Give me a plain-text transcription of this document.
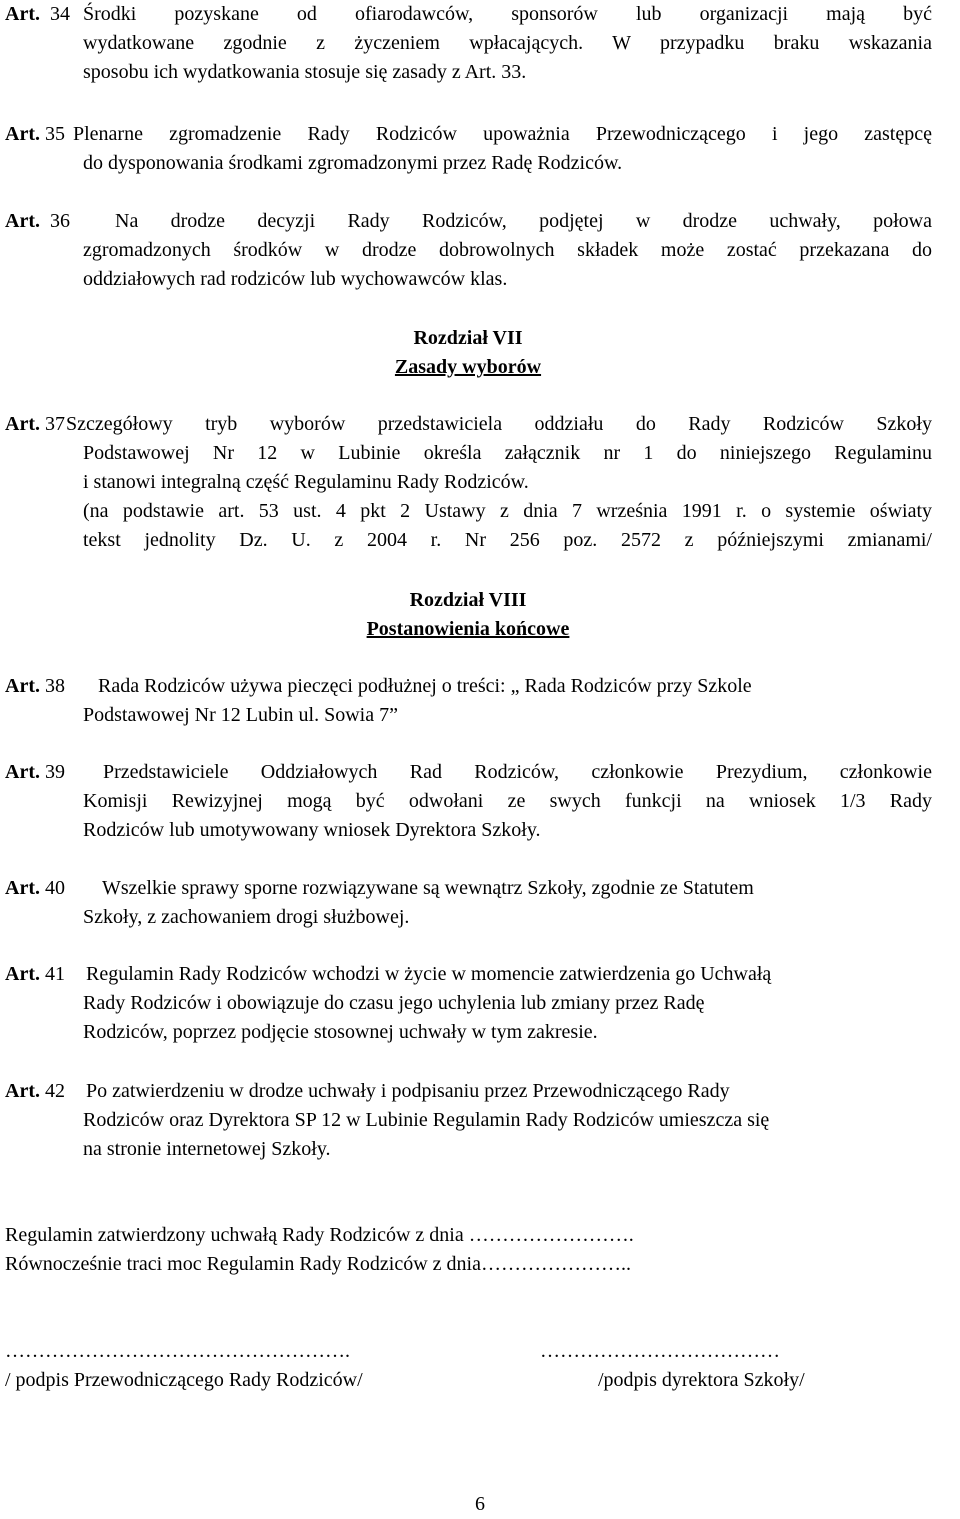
Art. 34 Środki pozyskane od ofiarodawców, sponsorów lub organizacji mają być
wydatkowane zgodnie z życzeniem wpłacających. W przypadku braku wskazania
sposobu ich wydatkowania stosuje się zasady z Art. 33.
Art. 35 Plenarne zgromadzenie Rady Rodziców upoważnia Przewodniczącego i jego zastępcę
do dysponowania środkami zgromadzonymi przez Radę Rodziców.
Art. 36 Na drodze decyzji Rady Rodziców, podjętej w drodze uchwały, połowa
zgromadzonych środków w drodze dobrowolnych składek może zostać przekazana do
oddziałowych rad rodziców lub wychowawców klas.
Rozdział VII
Zasady wyborów
Art. 37 Szczegółowy tryb wyborów przedstawiciela oddziału do Rady Rodziców Szkoły
Podstawowej Nr 12 w Lubinie określa załącznik nr 1 do niniejszego Regulaminu
i stanowi integralną część Regulaminu Rady Rodziców.
(na podstawie art. 53 ust. 4 pkt 2 Ustawy z dnia 7 września 1991 r. o systemie oświaty
tekst jednolity Dz. U. z 2004 r. Nr 256 poz. 2572 z późniejszymi zmianami/
Rozdział VIII
Postanowienia końcowe
Art. 38 Rada Rodziców używa pieczęci podłużnej o treści: „ Rada Rodziców przy Szkole
Podstawowej Nr 12 Lubin ul. Sowia 7”
Art. 39 Przedstawiciele Oddziałowych Rad Rodziców, członkowie Prezydium, członkowie
Komisji Rewizyjnej mogą być odwołani ze swych funkcji na wniosek 1/3 Rady
Rodziców lub umotywowany wniosek Dyrektora Szkoły.
Art. 40 Wszelkie sprawy sporne rozwiązywane są wewnątrz Szkoły, zgodnie ze Statutem
Szkoły, z zachowaniem drogi służbowej.
Art. 41 Regulamin Rady Rodziców wchodzi w życie w momencie zatwierdzenia go Uchwałą
Rady Rodziców i obowiązuje do czasu jego uchylenia lub zmiany przez Radę
Rodziców, poprzez podjęcie stosownej uchwały w tym zakresie.
Art. 42 Po zatwierdzeniu w drodze uchwały i podpisaniu przez Przewodniczącego Rady
Rodziców oraz Dyrektora SP 12 w Lubinie Regulamin Rady Rodziców umieszcza się
na stronie internetowej Szkoły.
Regulamin zatwierdzony uchwałą Rady Rodziców z dnia …………………….
Równocześnie traci moc Regulamin Rady Rodziców z dnia…………………..
…………………………………………….	………………………………
/ podpis Przewodniczącego Rady Rodziców/	/podpis dyrektora Szkoły/
6
